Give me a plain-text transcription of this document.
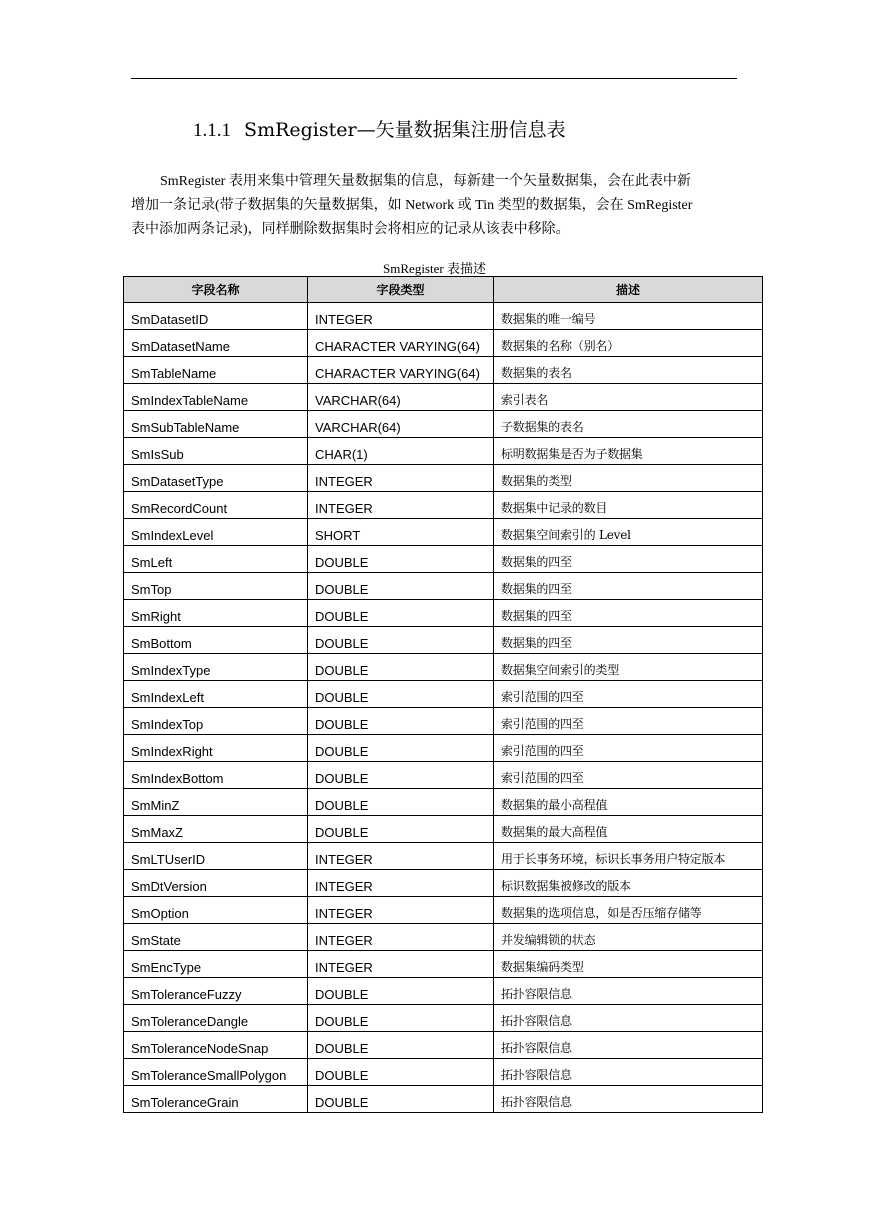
1.1.1 SmRegister—矢量数据集注册信息表

SmRegister 表用来集中管理矢量数据集的信息，每新建一个矢量数据集，会在此表中新
增加一条记录(带子数据集的矢量数据集，如 Network 或 Tin 类型的数据集，会在 SmRegister
表中添加两条记录)，同样删除数据集时会将相应的记录从该表中移除。

SmRegister 表描述
字段名称	字段类型	描述
SmDatasetID	INTEGER	数据集的唯一编号
SmDatasetName	CHARACTER VARYING(64)	数据集的名称（别名）
SmTableName	CHARACTER VARYING(64)	数据集的表名
SmIndexTableName	VARCHAR(64)	索引表名
SmSubTableName	VARCHAR(64)	子数据集的表名
SmIsSub	CHAR(1)	标明数据集是否为子数据集
SmDatasetType	INTEGER	数据集的类型
SmRecordCount	INTEGER	数据集中记录的数目
SmIndexLevel	SHORT	数据集空间索引的 Level
SmLeft	DOUBLE	数据集的四至
SmTop	DOUBLE	数据集的四至
SmRight	DOUBLE	数据集的四至
SmBottom	DOUBLE	数据集的四至
SmIndexType	DOUBLE	数据集空间索引的类型
SmIndexLeft	DOUBLE	索引范围的四至
SmIndexTop	DOUBLE	索引范围的四至
SmIndexRight	DOUBLE	索引范围的四至
SmIndexBottom	DOUBLE	索引范围的四至
SmMinZ	DOUBLE	数据集的最小高程值
SmMaxZ	DOUBLE	数据集的最大高程值
SmLTUserID	INTEGER	用于长事务环境，标识长事务用户特定版本
SmDtVersion	INTEGER	标识数据集被修改的版本
SmOption	INTEGER	数据集的选项信息，如是否压缩存储等
SmState	INTEGER	并发编辑锁的状态
SmEncType	INTEGER	数据集编码类型
SmToleranceFuzzy	DOUBLE	拓扑容限信息
SmToleranceDangle	DOUBLE	拓扑容限信息
SmToleranceNodeSnap	DOUBLE	拓扑容限信息
SmToleranceSmallPolygon	DOUBLE	拓扑容限信息
SmToleranceGrain	DOUBLE	拓扑容限信息
